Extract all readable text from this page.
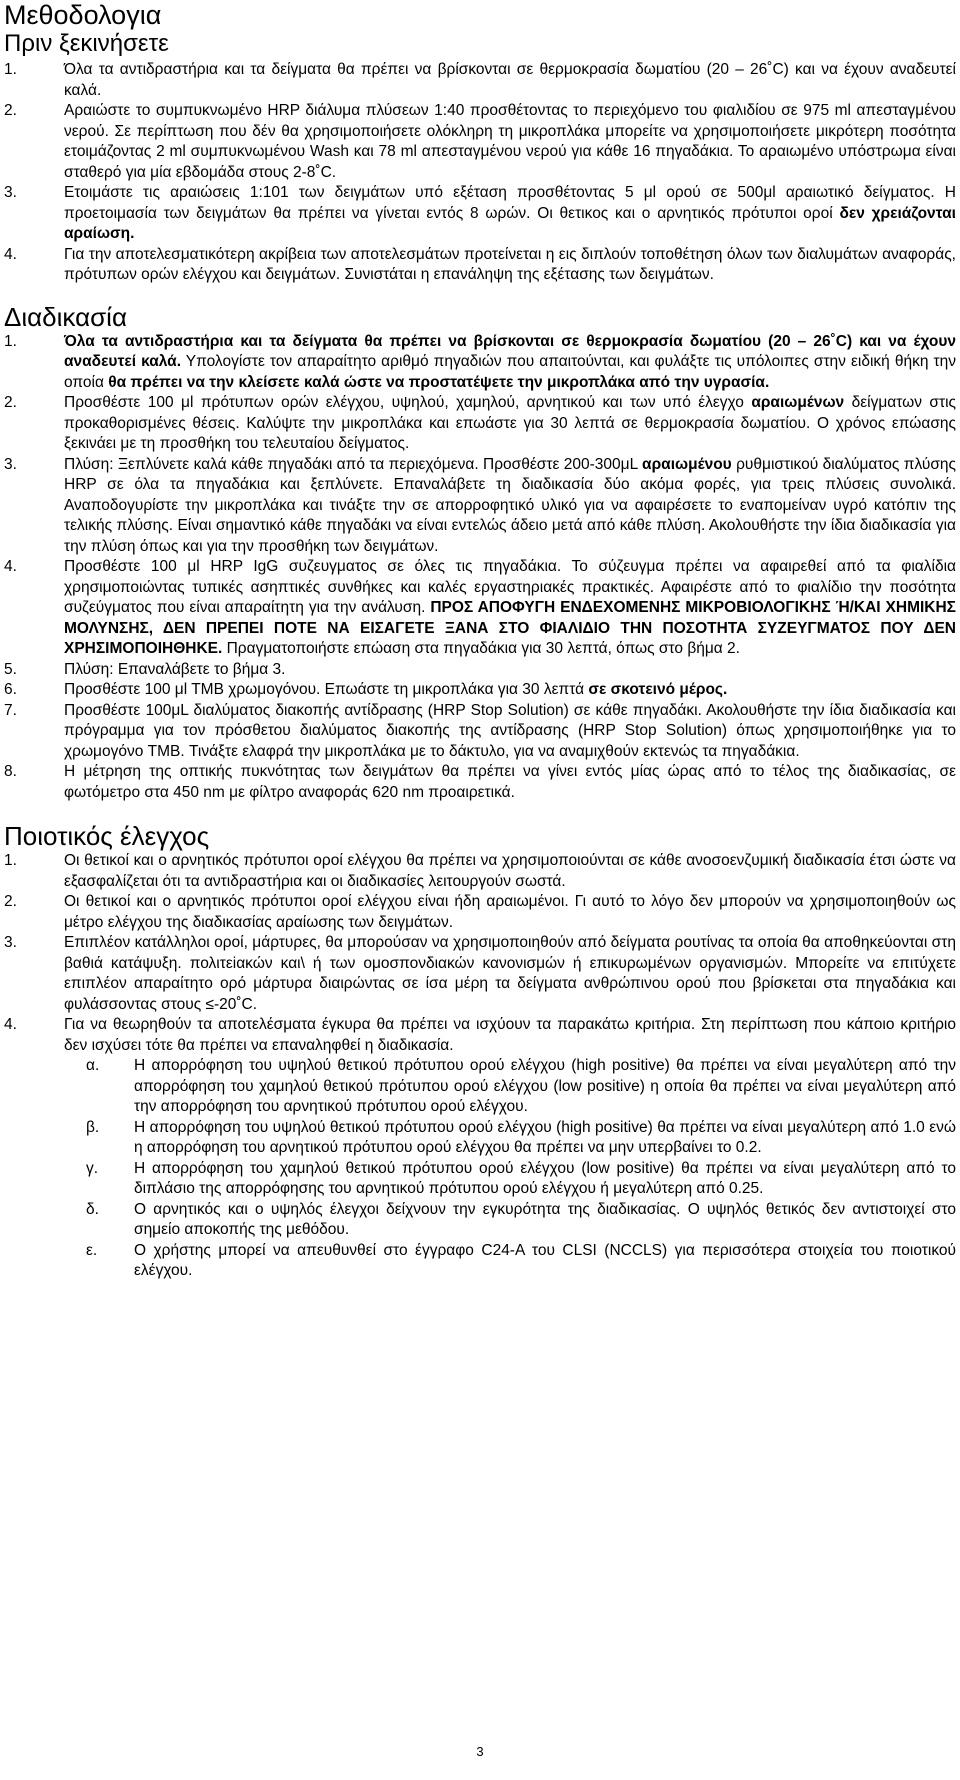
Μεθοδολογια
Πριν ξεκινήσετε
1.	Όλα τα αντιδραστήρια και τα δείγματα θα πρέπει να βρίσκονται σε θερμοκρασία δωματίου (20 – 26˚C) και να έχουν αναδευτεί καλά.
2.	Αραιώστε το συμπυκνωμένο HRP διάλυμα πλύσεων 1:40 προσθέτοντας το περιεχόμενο του φιαλιδίου σε 975 ml απεσταγμένου νερού. Σε περίπτωση που δέν θα χρησιμοποιήσετε ολόκληρη τη μικροπλάκα μπορείτε να χρησιμοποιήσετε μικρότερη ποσότητα ετοιμάζοντας 2 ml συμπυκνωμένου Wash και 78 ml απεσταγμένου νερού για κάθε 16 πηγαδάκια. Το αραιωμένο υπόστρωμα είναι σταθερό για μία εβδομάδα στους 2-8˚C.
3.	Ετοιμάστε τις αραιώσεις 1:101 των δειγμάτων υπό εξέταση προσθέτοντας 5 μl ορού σε 500μl αραιωτικό δείγματος. Η προετοιμασία των δειγμάτων θα πρέπει να γίνεται εντός 8 ωρών. Οι θετικος και ο αρνητικός πρότυποι οροί δεν χρειάζονται αραίωση.
4.	Για την αποτελεσματικότερη ακρίβεια των αποτελεσμάτων προτείνεται η εις διπλούν τοποθέτηση όλων των διαλυμάτων αναφοράς, πρότυπων ορών ελέγχου και δειγμάτων. Συνιστάται η επανάληψη της εξέτασης των δειγμάτων.
Διαδικασία
1.	Όλα τα αντιδραστήρια και τα δείγματα θα πρέπει να βρίσκονται σε θερμοκρασία δωματίου (20 – 26˚C) και να έχουν αναδευτεί καλά. Υπολογίστε τον απαραίτητο αριθμό πηγαδιών που απαιτούνται, και φυλάξτε τις υπόλοιπες στην ειδική θήκη την οποία θα πρέπει να την κλείσετε καλά ώστε να προστατέψετε την μικροπλάκα από την υγρασία.
2.	Προσθέστε 100 μl πρότυπων ορών ελέγχου, υψηλού, χαμηλού, αρνητικού και των υπό έλεγχο αραιωμένων δείγματων στις προκαθορισμένες θέσεις. Καλύψτε την μικροπλάκα και επωάστε για 30 λεπτά σε θερμοκρασία δωματίου. Ο χρόνος επώασης ξεκινάει με τη προσθήκη του τελευταίου δείγματος.
3.	Πλύση: Ξεπλύνετε καλά κάθε πηγαδάκι από τα περιεχόμενα. Προσθέστε 200-300μL αραιωμένου ρυθμιστικού διαλύματος πλύσης HRP σε όλα τα πηγαδάκια και ξεπλύνετε. Επαναλάβετε τη διαδικασία δύο ακόμα φορές, για τρεις πλύσεις συνολικά. Αναποδογυρίστε την μικροπλάκα και τινάξτε την σε απορροφητικό υλικό για να αφαιρέσετε το εναπομείναν υγρό κατόπιν της τελικής πλύσης. Είναι σημαντικό κάθε πηγαδάκι να είναι εντελώς άδειο μετά από κάθε πλύση. Ακολουθήστε την ίδια διαδικασία για την πλύση όπως και για την προσθήκη των δειγμάτων.
4.	Προσθέστε 100 μl HRP IgG συζευγματος σε όλες τις πηγαδάκια. Το σύζευγμα πρέπει να αφαιρεθεί από τα φιαλίδια χρησιμοποιώντας τυπικές ασηπτικές συνθήκες και καλές εργαστηριακές πρακτικές. Αφαιρέστε από το φιαλίδιο την ποσότητα συζεύγματος που είναι απαραίτητη για την ανάλυση. ΠΡΟΣ ΑΠΟΦΥΓΗ ΕΝΔΕΧΟΜΕΝΗΣ ΜΙΚΡΟΒΙΟΛΟΓΙΚΗΣ Ή/ΚΑΙ ΧΗΜΙΚΗΣ ΜΟΛΥΝΣΗΣ, ΔΕΝ ΠΡΕΠΕΙ ΠΟΤΕ ΝΑ ΕΙΣΑΓΕΤΕ ΞΑΝΑ ΣΤΟ ΦΙΑΛΙΔΙΟ ΤΗΝ ΠΟΣΟΤΗΤΑ ΣΥΖΕΥΓΜΑΤΟΣ ΠΟΥ ΔΕΝ ΧΡΗΣΙΜΟΠΟΙΗΘΗΚΕ. Πραγματοποιήστε επώαση στα πηγαδάκια για 30 λεπτά, όπως στο βήμα 2.
5.	Πλύση: Επαναλάβετε το βήμα 3.
6.	Προσθέστε 100 μl TMB χρωμογόνου. Επωάστε τη μικροπλάκα για 30 λεπτά σε σκοτεινό μέρος.
7.	Προσθέστε 100μL διαλύματος διακοπής αντίδρασης (HRP Stop Solution) σε κάθε πηγαδάκι. Ακολουθήστε την ίδια διαδικασία και πρόγραμμα για τον πρόσθετου διαλύματος διακοπής της αντίδρασης (HRP Stop Solution) όπως χρησιμοποιήθηκε για το χρωμογόνο TMB. Τινάξτε ελαφρά την μικροπλάκα με το δάκτυλο, για να αναμιχθούν εκτενώς τα πηγαδάκια.
8.	Η μέτρηση της οπτικής πυκνότητας των δειγμάτων θα πρέπει να γίνει εντός μίας ώρας από το τέλος της διαδικασίας, σε φωτόμετρο στα 450 nm με φίλτρο αναφοράς 620 nm προαιρετικά.
Ποιοτικός έλεγχος
1.	Οι θετικοί και ο αρνητικός πρότυποι οροί ελέγχου θα πρέπει να χρησιμοποιούνται σε κάθε ανοσοενζυμική διαδικασία έτσι ώστε να εξασφαλίζεται ότι τα αντιδραστήρια και οι διαδικασίες λειτουργούν σωστά.
2.	Οι θετικοί και ο αρνητικός πρότυποι οροί ελέγχου είναι ήδη αραιωμένοι. Γι αυτό το λόγο δεν μπορούν να χρησιμοποιηθούν ως μέτρο ελέγχου της διαδικασίας αραίωσης των δειγμάτων.
3.	Επιπλέον κατάλληλοι οροί, μάρτυρες, θα μπορούσαν να χρησιμοποιηθούν από δείγματα ρουτίνας τα οποία θα αποθηκεύονται στη βαθιά κατάψυξη. πολιτεiακών και\ ή των ομοσπονδιακών κανονισμών ή επικυρωμένων οργανισμών. Μπορείτε να επιτύχετε επιπλέον απαραίτητο ορό μάρτυρα διαιρώντας σε ίσα μέρη τα δείγματα ανθρώπινου ορού που βρίσκεται στα πηγαδάκια και φυλάσσοντας στους ≤-20˚C.
4.	Για να θεωρηθούν τα αποτελέσματα έγκυρα θα πρέπει να ισχύουν τα παρακάτω κριτήρια. Στη περίπτωση που κάποιο κριτήριο δεν ισχύσει τότε θα πρέπει να επαναληφθεί η διαδικασία.
α.	Η απορρόφηση του υψηλού θετικού πρότυπου ορού ελέγχου (high positive) θα πρέπει να είναι μεγαλύτερη από την απορρόφηση του χαμηλού θετικού πρότυπου ορού ελέγχου (low positive) η οποία θα πρέπει να είναι μεγαλύτερη από την απορρόφηση του αρνητικού πρότυπου ορού ελέγχου.
β.	Η απορρόφηση του υψηλού θετικού πρότυπου ορού ελέγχου (high positive) θα πρέπει να είναι μεγαλύτερη από 1.0 ενώ η απορρόφηση του αρνητικού πρότυπου ορού ελέγχου θα πρέπει να μην υπερβαίνει το 0.2.
γ.	Η απορρόφηση του χαμηλού θετικού πρότυπου ορού ελέγχου (low positive) θα πρέπει να είναι μεγαλύτερη από το διπλάσιο της απορρόφησης του αρνητικού πρότυπου ορού ελέγχου ή μεγαλύτερη από 0.25.
δ.	Ο αρνητικός και ο υψηλός έλεγχοι δείχνουν την εγκυρότητα της διαδικασίας. Ο υψηλός θετικός δεν αντιστοιχεί στο σημείο αποκοπής της μεθόδου.
ε.	Ο χρήστης μπορεί να απευθυνθεί στο έγγραφο C24-A του CLSI (NCCLS) για περισσότερα στοιχεία του ποιοτικού ελέγχου.
3
